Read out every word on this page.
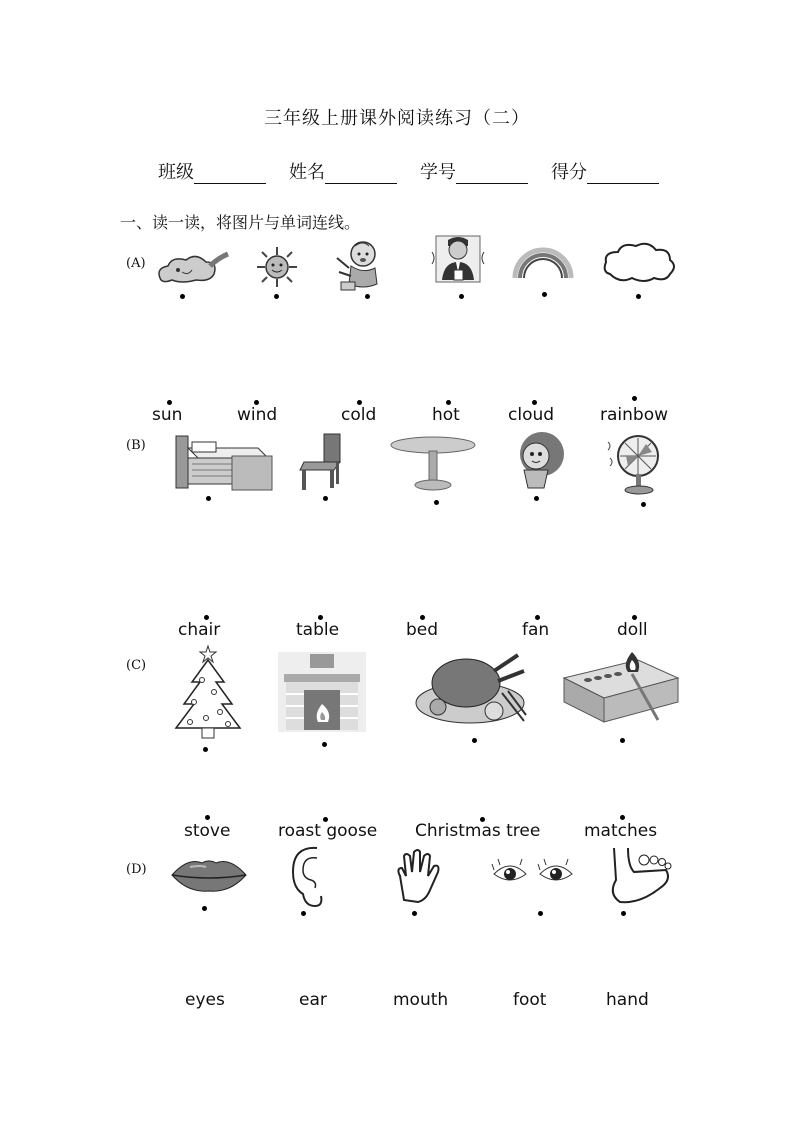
三年级上册课外阅读练习（二）
班级	姓名	学号	得分
一、读一读，将图片与单词连线。
(A)
sun	wind	cold	hot	cloud	rainbow
(B)
chair	table	bed	fan	doll
(C)
stove	roast goose Christmas tree	matches
(D)
eyes	ear	mouth	foot	hand
